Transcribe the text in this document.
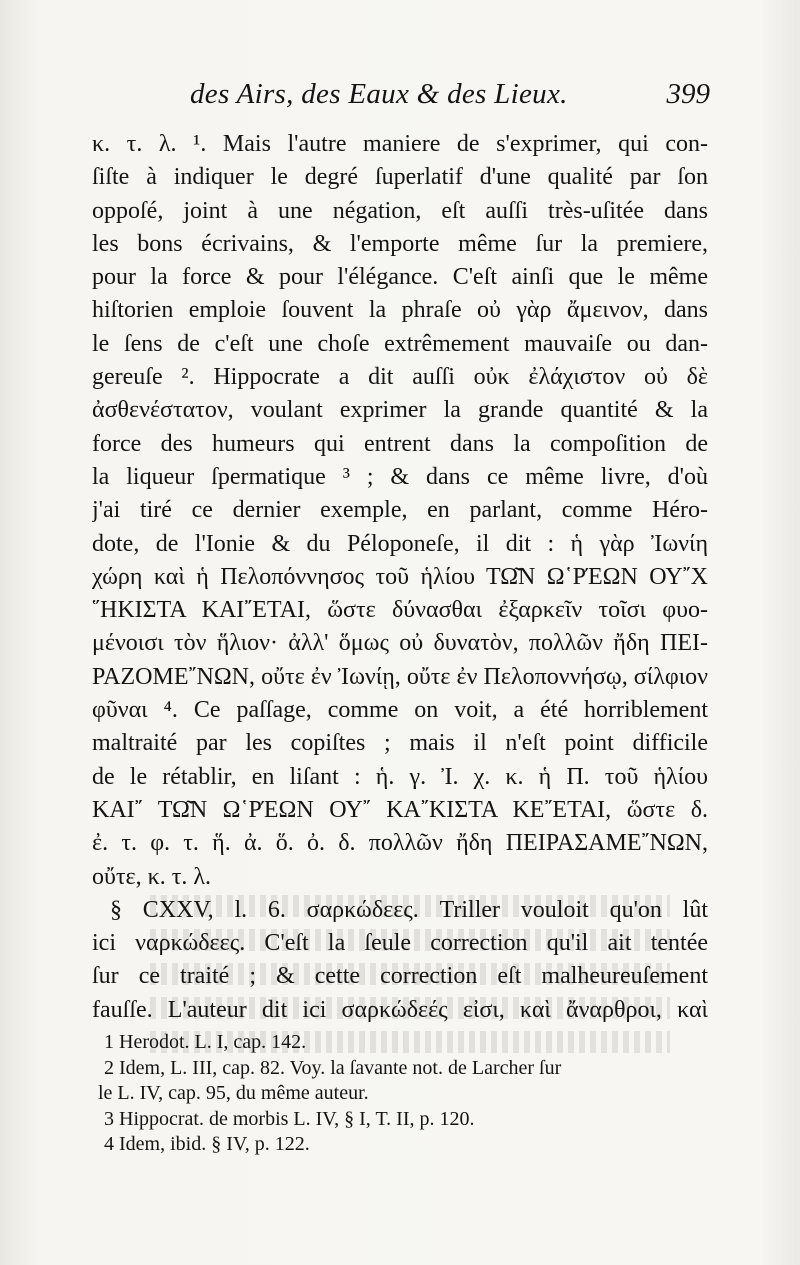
des Airs, des Eaux & des Lieux.	399
κ. τ. λ. ¹. Mais l'autre maniere de s'exprimer, qui con-
ſiſte à indiquer le degré ſuperlatif d'une qualité par ſon
oppoſé, joint à une négation, eſt auſſi très-uſitée dans
les bons écrivains, & l'emporte même ſur la premiere,
pour la force & pour l'élégance. C'eſt ainſi que le même
hiſtorien emploie ſouvent la phraſe οὐ γὰρ ἄμεινον, dans
le ſens de c'eſt une choſe extrêmement mauvaiſe ou dan-
gereuſe ². Hippocrate a dit auſſi οὐκ ἐλάχιστον οὐ δὲ
ἀσθενέστατον, voulant exprimer la grande quantité & la
force des humeurs qui entrent dans la compoſition de
la liqueur ſpermatique ³ ; & dans ce même livre, d'où
j'ai tiré ce dernier exemple, en parlant, comme Héro-
dote, de l'Ionie & du Péloponeſe, il dit : ἡ γὰρ Ἰωνίη
χώρη καὶ ἡ Πελοπόννησος τοῦ ἡλίου ΤΩ͂Ν Ω῾ΡΈΩΝ ΟΥ῎Χ
῞ΗΚΙΣΤΑ ΚΑΙ῎ΕΤΑΙ, ὥστε δύνασθαι ἐξαρκεῖν τοῖσι φυο-
μένοισι τὸν ἥλιον· ἀλλ' ὅμως οὐ δυνατὸν, πολλῶν ἤδη ΠΕΙ-
ΡΑΖΟΜΕ῎ΝΩΝ, οὔτε ἐν Ἰωνίῃ, οὔτε ἐν Πελοποννήσῳ, σίλφιον
φῦναι ⁴. Ce paſſage, comme on voit, a été horriblement
maltraité par les copiſtes ; mais il n'eſt point difficile
de le rétablir, en liſant : ἡ. γ. Ἰ. χ. κ. ἡ Π. τοῦ ἡλίου
ΚΑΙ῎ ΤΩ͂Ν Ω῾ΡΈΩΝ ΟΥ῎ ΚΑ῎ΚΙΣΤΑ ΚΕ῎ΕΤΑΙ, ὥστε δ.
ἐ. τ. φ. τ. ἥ. ἀ. ὅ. ὀ. δ. πολλῶν ἤδη ΠΕΙΡΑΣΑΜΕ῎ΝΩΝ,
οὔτε, κ. τ. λ.
§ CXXV, l. 6. σαρκώδεες. Triller vouloit qu'on lût
ici ναρκώδεες. C'eſt la ſeule correction qu'il ait tentée
ſur ce traité ; & cette correction eſt malheureuſement
fauſſe. L'auteur dit ici σαρκώδεές εἰσι, καὶ ἄναρθροι, καὶ
1 Herodot. L. I, cap. 142.
2 Idem, L. III, cap. 82. Voy. la ſavante not. de Larcher ſur
le L. IV, cap. 95, du même auteur.
3 Hippocrat. de morbis L. IV, § I, T. II, p. 120.
4 Idem, ibid. § IV, p. 122.
